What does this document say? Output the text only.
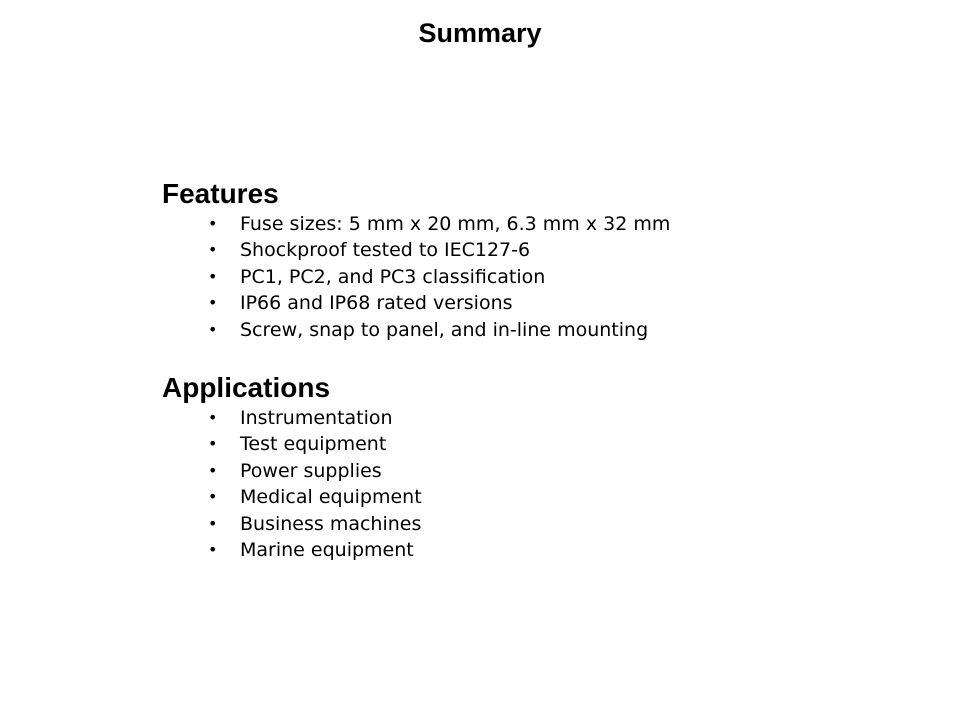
Summary
Features
• Fuse sizes: 5 mm x 20 mm, 6.3 mm x 32 mm
• Shockproof tested to IEC127-6
• PC1, PC2, and PC3 classification
• IP66 and IP68 rated versions
• Screw, snap to panel, and in-line mounting
Applications
• Instrumentation
• Test equipment
• Power supplies
• Medical equipment
• Business machines
• Marine equipment
